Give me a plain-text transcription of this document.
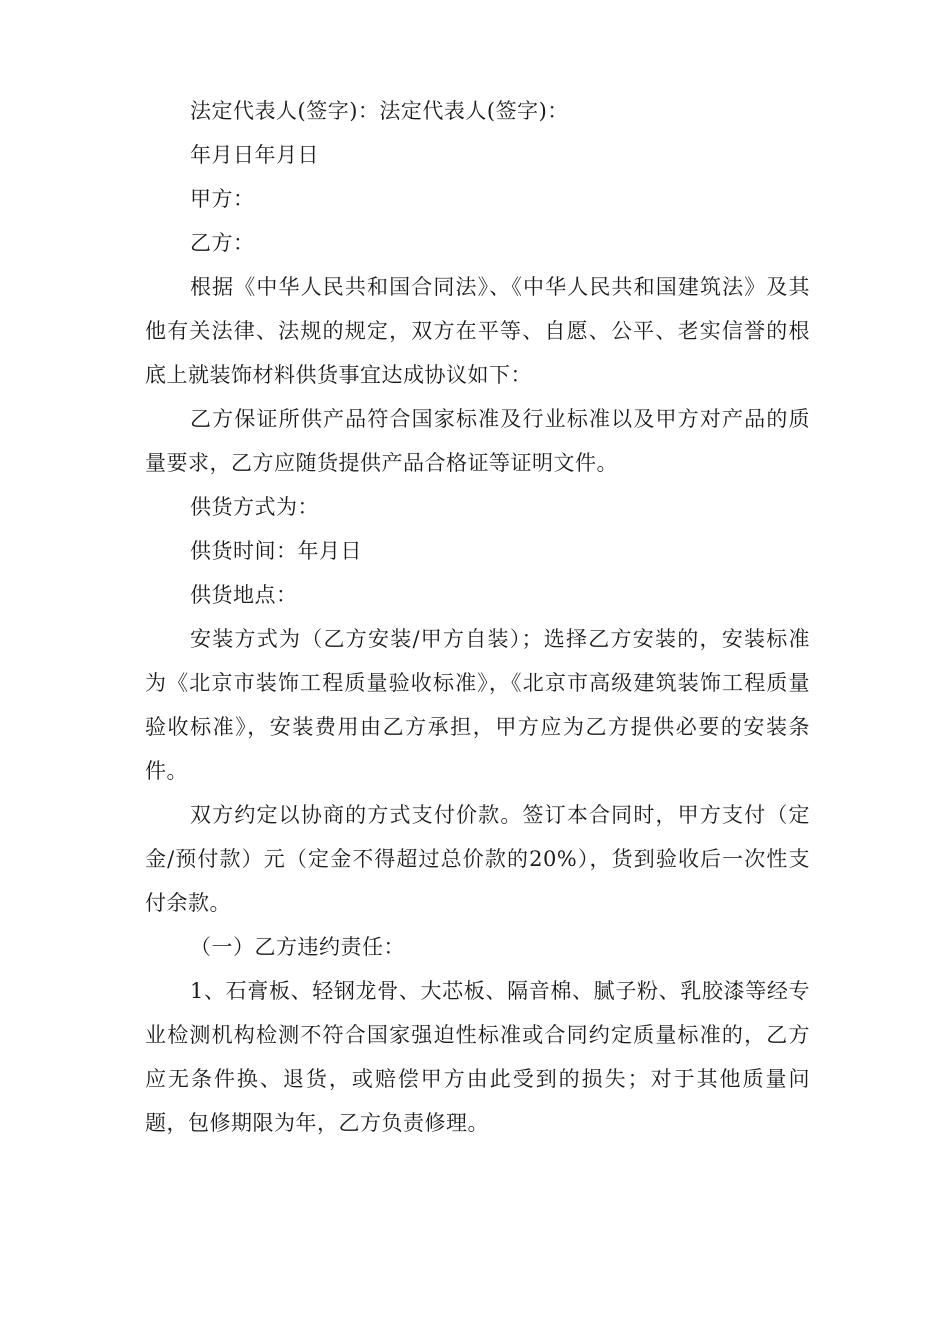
法定代表人(签字)：法定代表人(签字)：

年月日年月日

甲方：

乙方：

根据《中华人民共和国合同法》、《中华人民共和国建筑法》及其他有关法律、法规的规定，双方在平等、自愿、公平、老实信誉的根底上就装饰材料供货事宜达成协议如下：

乙方保证所供产品符合国家标准及行业标准以及甲方对产品的质量要求，乙方应随货提供产品合格证等证明文件。

供货方式为：

供货时间：年月日

供货地点：

安装方式为（乙方安装/甲方自装）；选择乙方安装的，安装标准为《北京市装饰工程质量验收标准》，《北京市高级建筑装饰工程质量验收标准》，安装费用由乙方承担，甲方应为乙方提供必要的安装条件。

双方约定以协商的方式支付价款。签订本合同时，甲方支付（定金/预付款）元（定金不得超过总价款的20%），货到验收后一次性支付余款。

（一）乙方违约责任：

1、石膏板、轻钢龙骨、大芯板、隔音棉、腻子粉、乳胶漆等经专业检测机构检测不符合国家强迫性标准或合同约定质量标准的，乙方应无条件换、退货，或赔偿甲方由此受到的损失；对于其他质量问题，包修期限为年，乙方负责修理。
